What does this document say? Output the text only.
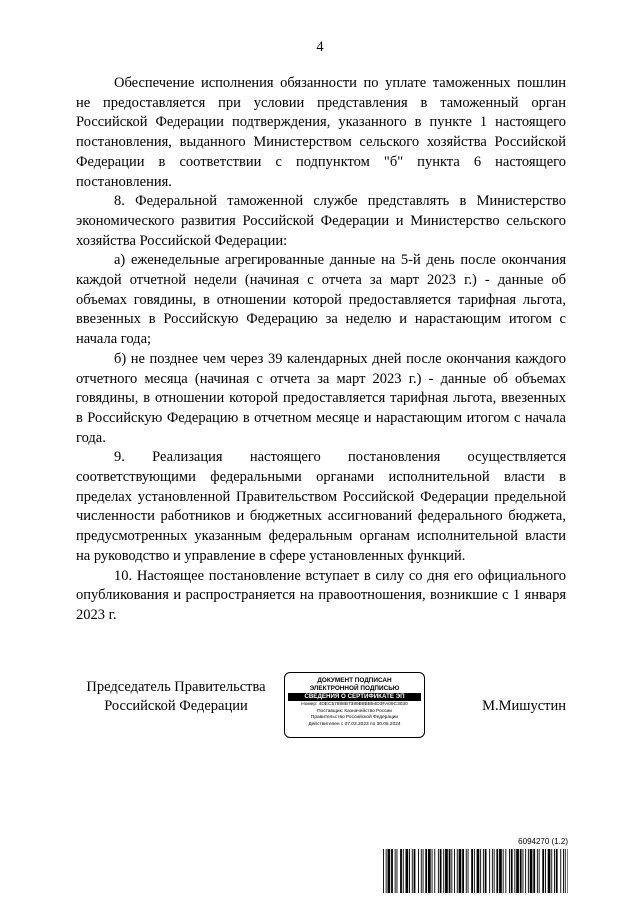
4

Обеспечение исполнения обязанности по уплате таможенных пошлин не предоставляется при условии представления в таможенный орган Российской Федерации подтверждения, указанного в пункте 1 настоящего постановления, выданного Министерством сельского хозяйства Российской Федерации в соответствии с подпунктом "б" пункта 6 настоящего постановления.

8. Федеральной таможенной службе представлять в Министерство экономического развития Российской Федерации и Министерство сельского хозяйства Российской Федерации:

а) еженедельные агрегированные данные на 5-й день после окончания каждой отчетной недели (начиная с отчета за март 2023 г.) - данные об объемах говядины, в отношении которой предоставляется тарифная льгота, ввезенных в Российскую Федерацию за неделю и нарастающим итогом с начала года;

б) не позднее чем через 39 календарных дней после окончания каждого отчетного месяца (начиная с отчета за март 2023 г.) - данные об объемах говядины, в отношении которой предоставляется тарифная льгота, ввезенных в Российскую Федерацию в отчетном месяце и нарастающим итогом с начала года.

9. Реализация настоящего постановления осуществляется соответствующими федеральными органами исполнительной власти в пределах установленной Правительством Российской Федерации предельной численности работников и бюджетных ассигнований федерального бюджета, предусмотренных указанным федеральным органам исполнительной власти на руководство и управление в сфере установленных функций.

10. Настоящее постановление вступает в силу со дня его официального опубликования и распространяется на правоотношения, возникшие с 1 января 2023 г.

Председатель Правительства
Российской Федерации
ДОКУМЕНТ ПОДПИСАН
ЭЛЕКТРОННОЙ ПОДПИСЬЮ
СВЕДЕНИЯ О СЕРТИФИКАТЕ ЭП
Номер: 4DEC57888B7389B8BB94D3FA09C3030
Поставщик: Казначейство России
Правительство Российской Федерации
Действителен с 07.03.2023 по 30.05.2024
М.Мишустин
6094270 (1.2)
